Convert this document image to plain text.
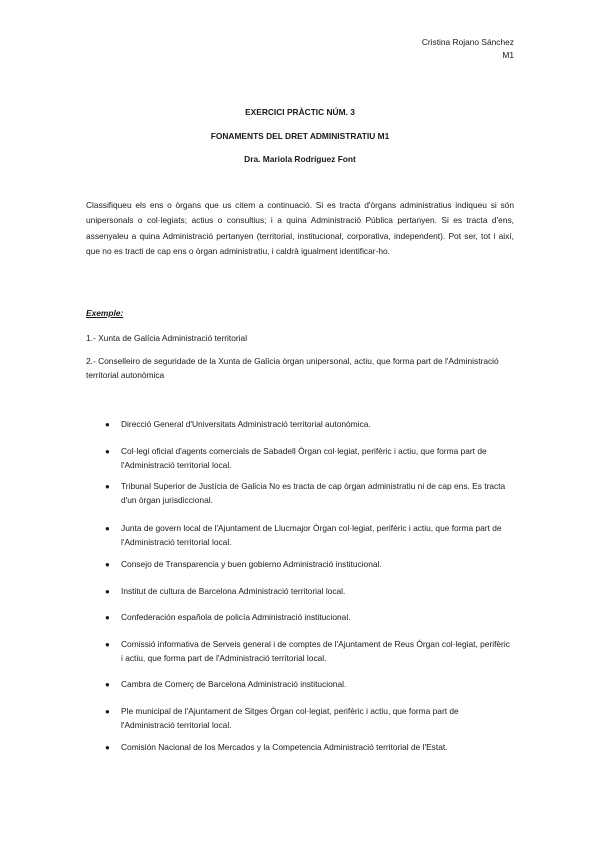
Cristina Rojano Sánchez
M1
EXERCICI PRÀCTIC NÚM. 3
FONAMENTS DEL DRET ADMINISTRATIU M1
Dra. Mariola Rodríguez Font
Classifiqueu els ens o òrgans que us citem a continuació. Si es tracta d'òrgans administratius indiqueu si són unipersonals o col·legiats; actius o consultius; i a quina Administració Pública pertanyen. Si es tracta d'ens, assenyaleu a quina Administració pertanyen (territorial, institucional, corporativa, independent). Pot ser, tot i així, que no es tracti de cap ens o òrgan administratiu, i caldrà igualment identificar-ho.
Exemple:
1.- Xunta de Galícia Administració territorial
2.- Conselleiro de seguridade de la Xunta de Galícia òrgan unipersonal, actiu, que forma part de l'Administració territorial autonòmica
● Direcció General d'Universitats Administració territorial autonòmica.
● Col·legi oficial d'agents comercials de Sabadell Òrgan col·legiat, perifèric i actiu, que forma part de l'Administració territorial local.
● Tribunal Superior de Justícia de Galicia No es tracta de cap òrgan administratiu ni de cap ens. Es tracta d'un òrgan jurisdiccional.
● Junta de govern local de l'Ajuntament de Llucmajor Òrgan col·legiat, perifèric i actiu, que forma part de l'Administració territorial local.
● Consejo de Transparencia y buen gobierno Administració institucional.
● Institut de cultura de Barcelona Administració territorial local.
● Confederación española de policía Administració institucional.
● Comissió informativa de Serveis general i de comptes de l'Ajuntament de Reus Òrgan col·legiat, perifèric i actiu, que forma part de l'Administració territorial local.
● Cambra de Comerç de Barcelona Administració institucional.
● Ple municipal de l'Ajuntament de Sitges Òrgan col·legiat, perifèric i actiu, que forma part de l'Administració territorial local.
● Comisión Nacional de los Mercados y la Competencia Administració territorial de l'Estat.
